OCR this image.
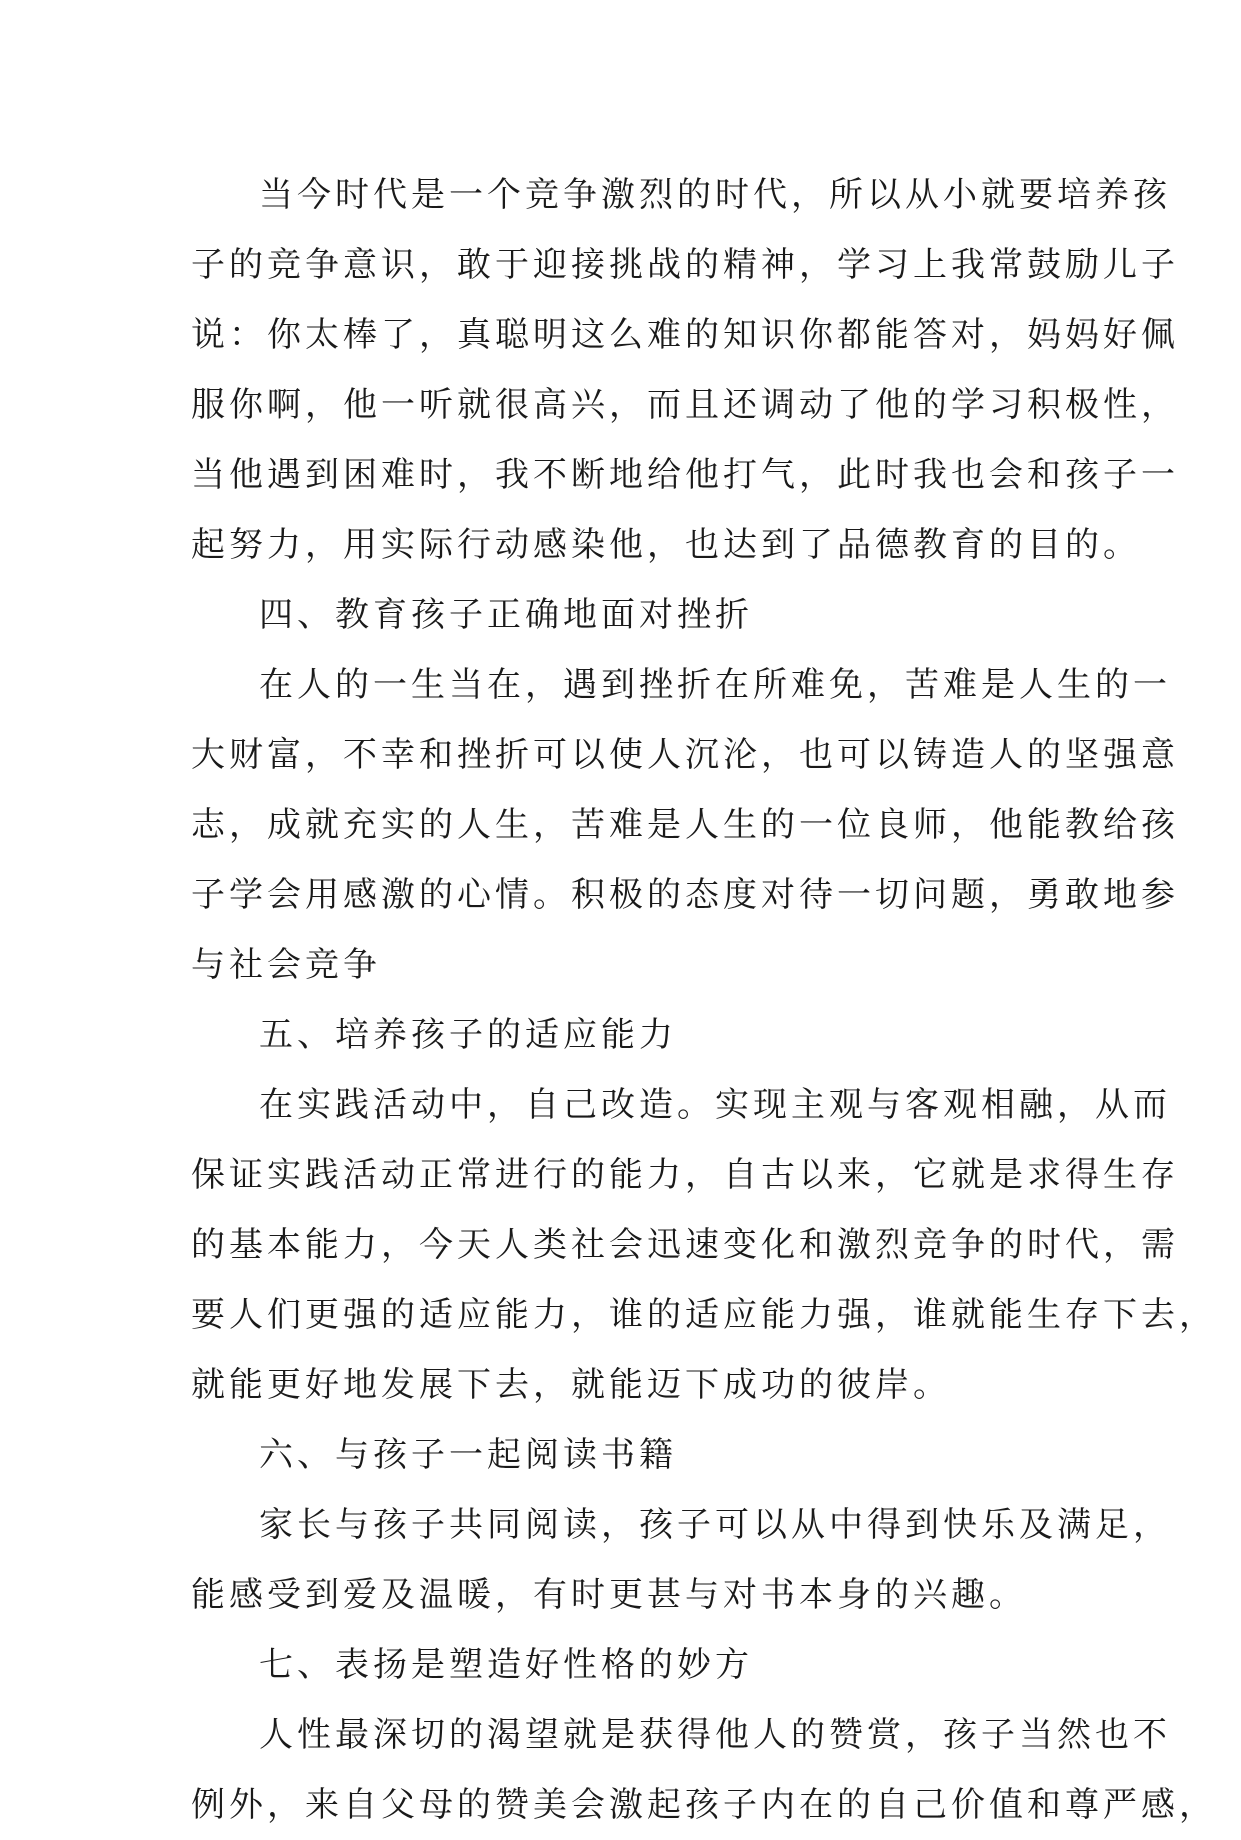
当今时代是一个竞争激烈的时代，所以从小就要培养孩
子的竞争意识，敢于迎接挑战的精神，学习上我常鼓励儿子
说：你太棒了，真聪明这么难的知识你都能答对，妈妈好佩
服你啊，他一听就很高兴，而且还调动了他的学习积极性，
当他遇到困难时，我不断地给他打气，此时我也会和孩子一
起努力，用实际行动感染他，也达到了品德教育的目的。
四、教育孩子正确地面对挫折
在人的一生当在，遇到挫折在所难免，苦难是人生的一
大财富，不幸和挫折可以使人沉沦，也可以铸造人的坚强意
志，成就充实的人生，苦难是人生的一位良师，他能教给孩
子学会用感激的心情。积极的态度对待一切问题，勇敢地参
与社会竞争
五、培养孩子的适应能力
在实践活动中，自己改造。实现主观与客观相融，从而
保证实践活动正常进行的能力，自古以来，它就是求得生存
的基本能力，今天人类社会迅速变化和激烈竞争的时代，需
要人们更强的适应能力，谁的适应能力强，谁就能生存下去，
就能更好地发展下去，就能迈下成功的彼岸。
六、与孩子一起阅读书籍
家长与孩子共同阅读，孩子可以从中得到快乐及满足，
能感受到爱及温暖，有时更甚与对书本身的兴趣。
七、表扬是塑造好性格的妙方
人性最深切的渴望就是获得他人的赞赏，孩子当然也不
例外，来自父母的赞美会激起孩子内在的自己价值和尊严感，
